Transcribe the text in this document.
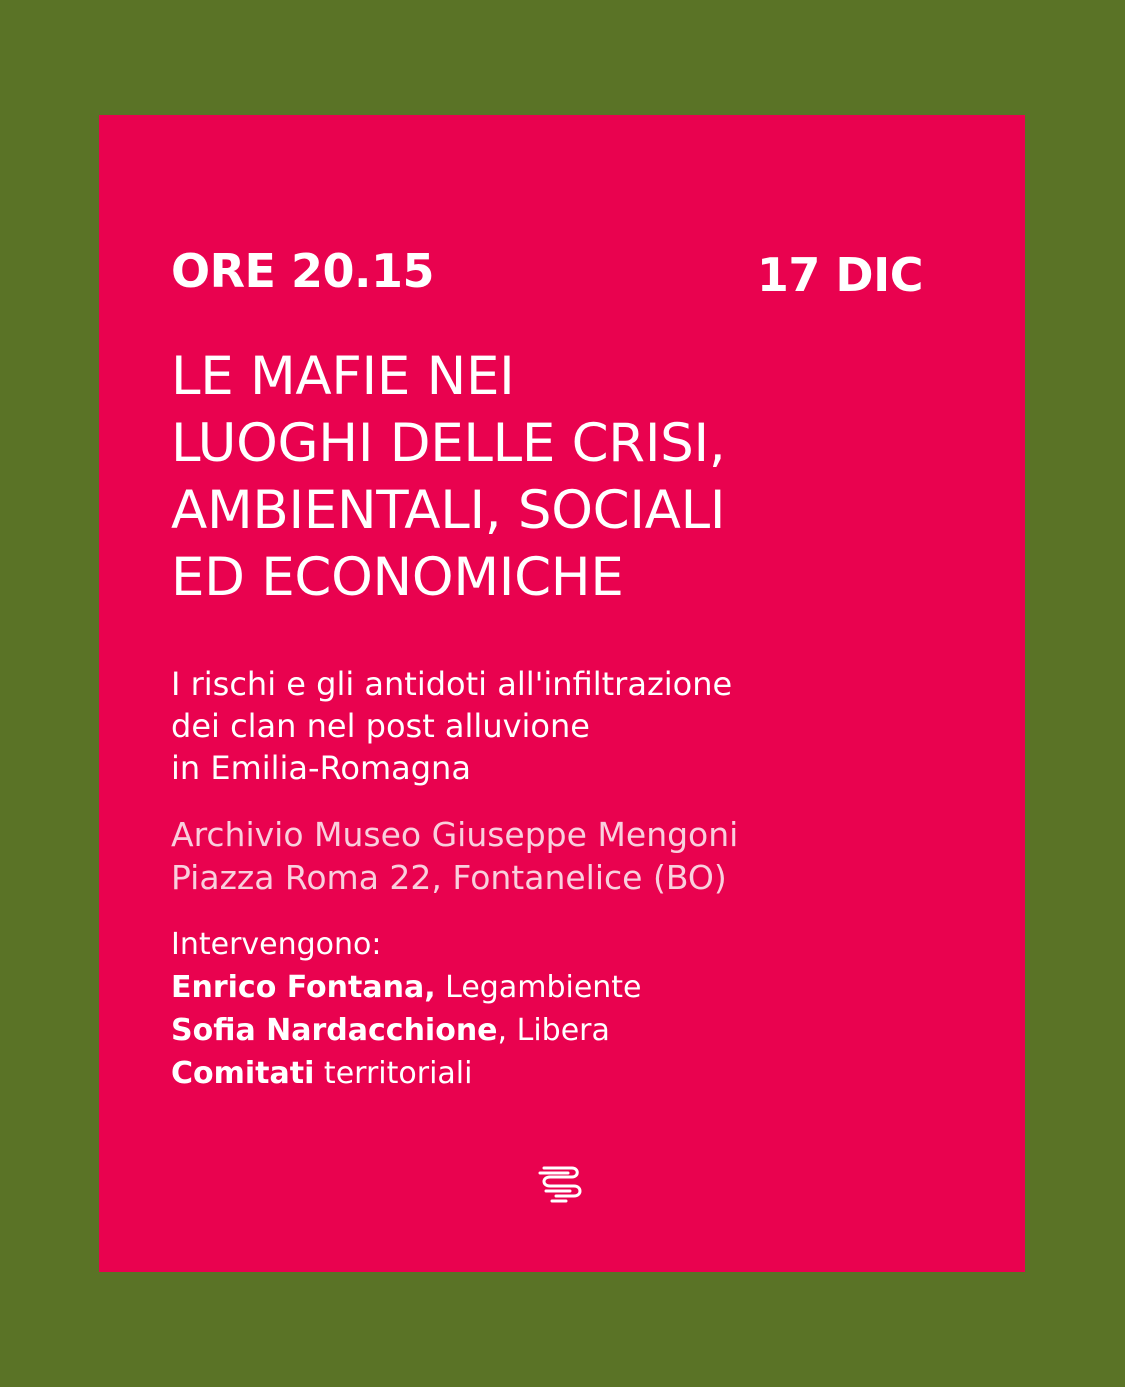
ORE 20.15	17 DIC
LE MAFIE NEI
LUOGHI DELLE CRISI,
AMBIENTALI, SOCIALI
ED ECONOMICHE
I rischi e gli antidoti all'infiltrazione
dei clan nel post alluvione
in Emilia-Romagna
Archivio Museo Giuseppe Mengoni
Piazza Roma 22, Fontanelice (BO)
Intervengono:
Enrico Fontana, Legambiente
Sofia Nardacchione, Libera
Comitati territoriali
